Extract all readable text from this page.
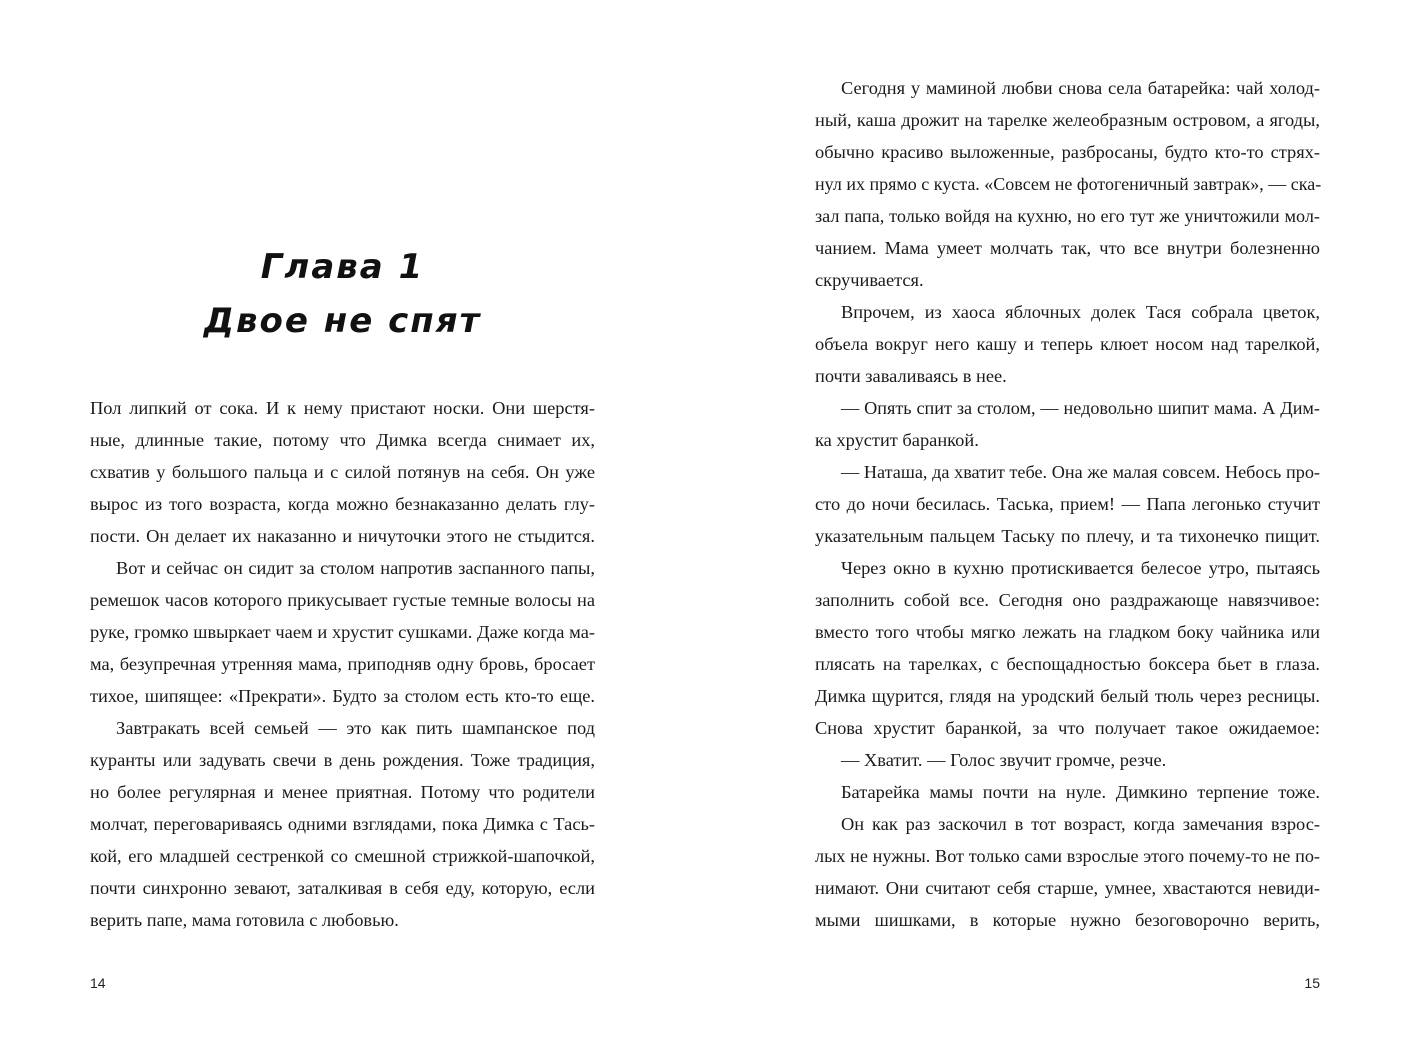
Глава 1
Двое не спят
Пол липкий от сока. И к нему пристают носки. Они шерстя-
ные, длинные такие, потому что Димка всегда снимает их,
схватив у большого пальца и с силой потянув на себя. Он уже
вырос из того возраста, когда можно безнаказанно делать глу-
пости. Он делает их наказанно и ничуточки этого не стыдится.
Вот и сейчас он сидит за столом напротив заспанного папы,
ремешок часов которого прикусывает густые темные волосы на
руке, громко швыркает чаем и хрустит сушками. Даже когда ма-
ма, безупречная утренняя мама, приподняв одну бровь, бросает
тихое, шипящее: «Прекрати». Будто за столом есть кто-то еще.
Завтракать всей семьей — это как пить шампанское под
куранты или задувать свечи в день рождения. Тоже традиция,
но более регулярная и менее приятная. Потому что родители
молчат, переговариваясь одними взглядами, пока Димка с Тась-
кой, его младшей сестренкой со смешной стрижкой-шапочкой,
почти синхронно зевают, заталкивая в себя еду, которую, если
верить папе, мама готовила с любовью.
14
Сегодня у маминой любви снова села батарейка: чай холод-
ный, каша дрожит на тарелке желеобразным островом, а ягоды,
обычно красиво выложенные, разбросаны, будто кто-то стрях-
нул их прямо с куста. «Совсем не фотогеничный завтрак», — ска-
зал папа, только войдя на кухню, но его тут же уничтожили мол-
чанием. Мама умеет молчать так, что все внутри болезненно
скручивается.
Впрочем, из хаоса яблочных долек Тася собрала цветок,
объела вокруг него кашу и теперь клюет носом над тарелкой,
почти заваливаясь в нее.
— Опять спит за столом, — недовольно шипит мама. А Дим-
ка хрустит баранкой.
— Наташа, да хватит тебе. Она же малая совсем. Небось про-
сто до ночи бесилась. Таська, прием! — Папа легонько стучит
указательным пальцем Таську по плечу, и та тихонечко пищит.
Через окно в кухню протискивается белесое утро, пытаясь
заполнить собой все. Сегодня оно раздражающе навязчивое:
вместо того чтобы мягко лежать на гладком боку чайника или
плясать на тарелках, с беспощадностью боксера бьет в глаза.
Димка щурится, глядя на уродский белый тюль через ресницы.
Снова хрустит баранкой, за что получает такое ожидаемое:
— Хватит. — Голос звучит громче, резче.
Батарейка мамы почти на нуле. Димкино терпение тоже.
Он как раз заскочил в тот возраст, когда замечания взрос-
лых не нужны. Вот только сами взрослые этого почему-то не по-
нимают. Они считают себя старше, умнее, хвастаются невиди-
мыми шишками, в которые нужно безоговорочно верить,
15
